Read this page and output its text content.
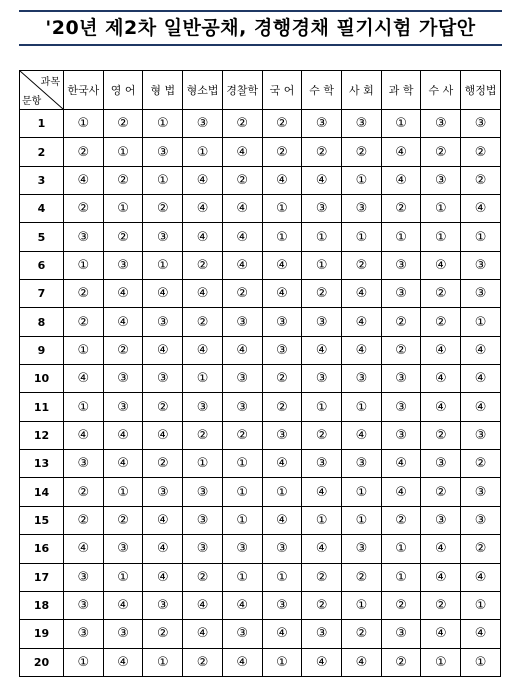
'20년 제2차 일반공채, 경행경채 필기시험 가답안
과목
문항	한국사	영 어	형 법	형소법	경찰학	국 어	수 학	사 회	과 학	수 사	행정법
1	①	②	①	③	②	②	③	③	①	③	③
2	②	①	③	①	④	②	②	②	④	②	②
3	④	②	①	④	②	④	④	①	④	③	②
4	②	①	②	④	④	①	③	③	②	①	④
5	③	②	③	④	④	①	①	①	①	①	①
6	①	③	①	②	④	④	①	②	③	④	③
7	②	④	④	④	②	④	②	④	③	②	③
8	②	④	③	②	③	③	③	④	②	②	①
9	①	②	④	④	④	③	④	④	②	④	④
10	④	③	③	①	③	②	③	③	③	④	④
11	①	③	②	③	③	②	①	①	③	④	④
12	④	④	④	②	②	③	②	④	③	②	③
13	③	④	②	①	①	④	③	③	④	③	②
14	②	①	③	③	①	①	④	①	④	②	③
15	②	②	④	③	①	④	①	①	②	③	③
16	④	③	④	③	③	③	④	③	①	④	②
17	③	①	④	②	①	①	②	②	①	④	④
18	③	④	③	④	④	③	②	①	②	②	①
19	③	③	②	④	③	④	③	②	③	④	④
20	①	④	①	②	④	①	④	④	②	①	①
